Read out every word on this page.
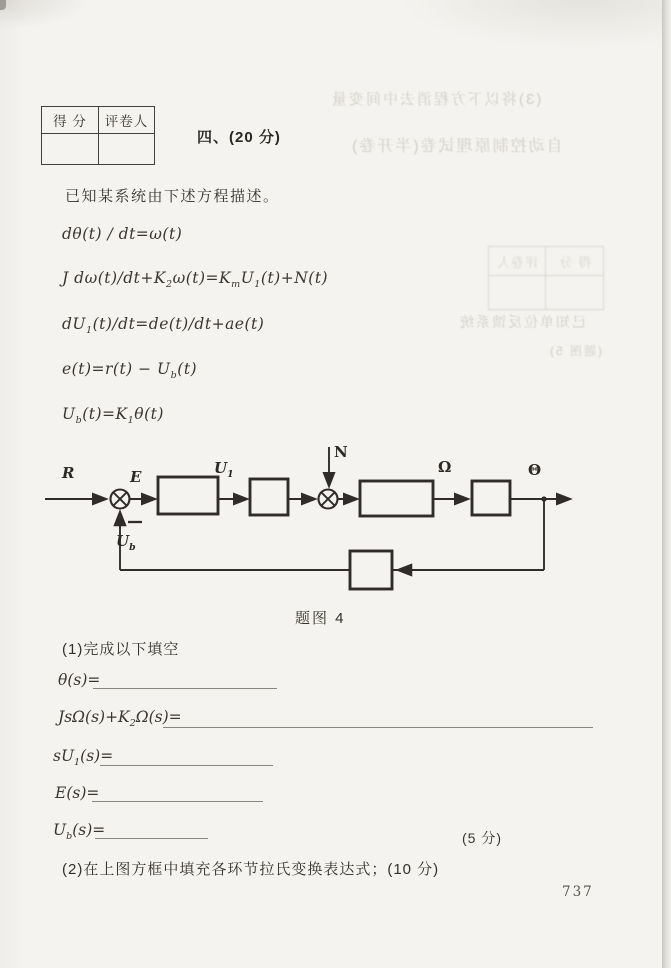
(3)将以下方程消去中间变量
自动控制原理试卷(半开卷)
得 分	评卷人

已知单位反馈系统
(题图 5)
得 分	评卷人

四、(20 分)
已知某系统由下述方程描述。
dθ(t) / dt=ω(t)
J $d\omega(t)/dt+K_2\omega(t)=K_mU_1(t)+N(t)$
$dU_1(t)/dt=de(t)/dt+ae(t)$
$e(t)=r(t) - U_b(t)$
$U_b(t)=K_1\theta(t)$
R	E	$U_1$
N
Ω	Θ
$U_b$
题图 4
(1)完成以下填空
θ(s)=
$Js\Omega(s)+K_2\Omega(s)=$
$sU_1(s)=$
E(s)=
$U_b(s)=$	(5 分)
(2)在上图方框中填充各环节拉氏变换表达式；(10 分)
737
